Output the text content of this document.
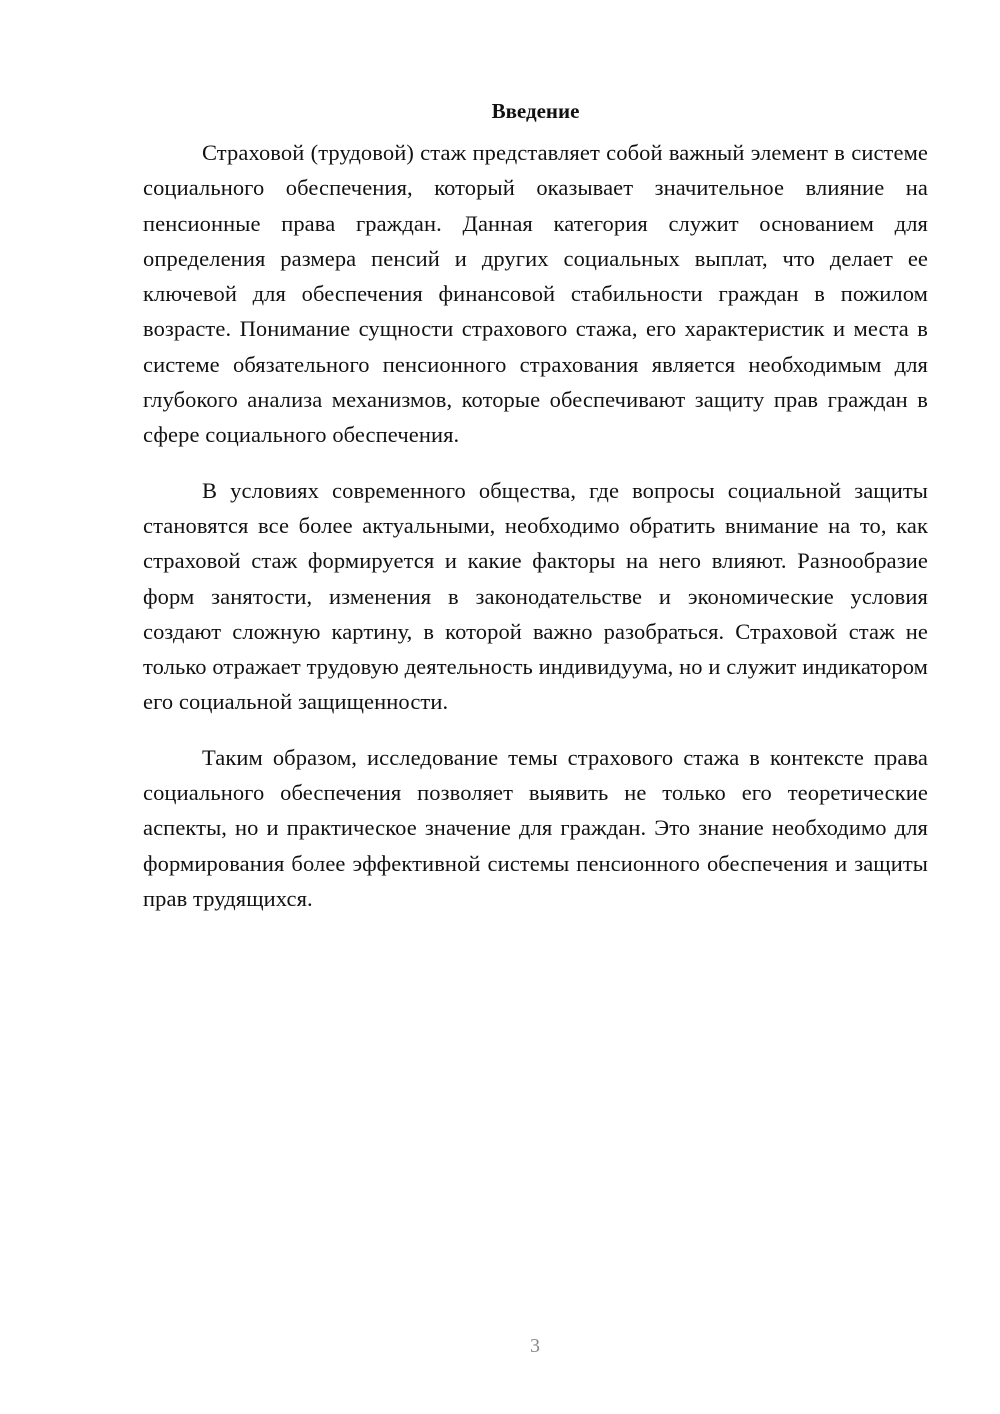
Введение

Страховой (трудовой) стаж представляет собой важный элемент в системе социального обеспечения, который оказывает значительное влияние на пенсионные права граждан. Данная категория служит основанием для определения размера пенсий и других социальных выплат, что делает ее ключевой для обеспечения финансовой стабильности граждан в пожилом возрасте. Понимание сущности страхового стажа, его характеристик и места в системе обязательного пенсионного страхования является необходимым для глубокого анализа механизмов, которые обеспечивают защиту прав граждан в сфере социального обеспечения.

В условиях современного общества, где вопросы социальной защиты становятся все более актуальными, необходимо обратить внимание на то, как страховой стаж формируется и какие факторы на него влияют. Разнообразие форм занятости, изменения в законодательстве и экономические условия создают сложную картину, в которой важно разобраться. Страховой стаж не только отражает трудовую деятельность индивидуума, но и служит индикатором его социальной защищенности.

Таким образом, исследование темы страхового стажа в контексте права социального обеспечения позволяет выявить не только его теоретические аспекты, но и практическое значение для граждан. Это знание необходимо для формирования более эффективной системы пенсионного обеспечения и защиты прав трудящихся.

3
